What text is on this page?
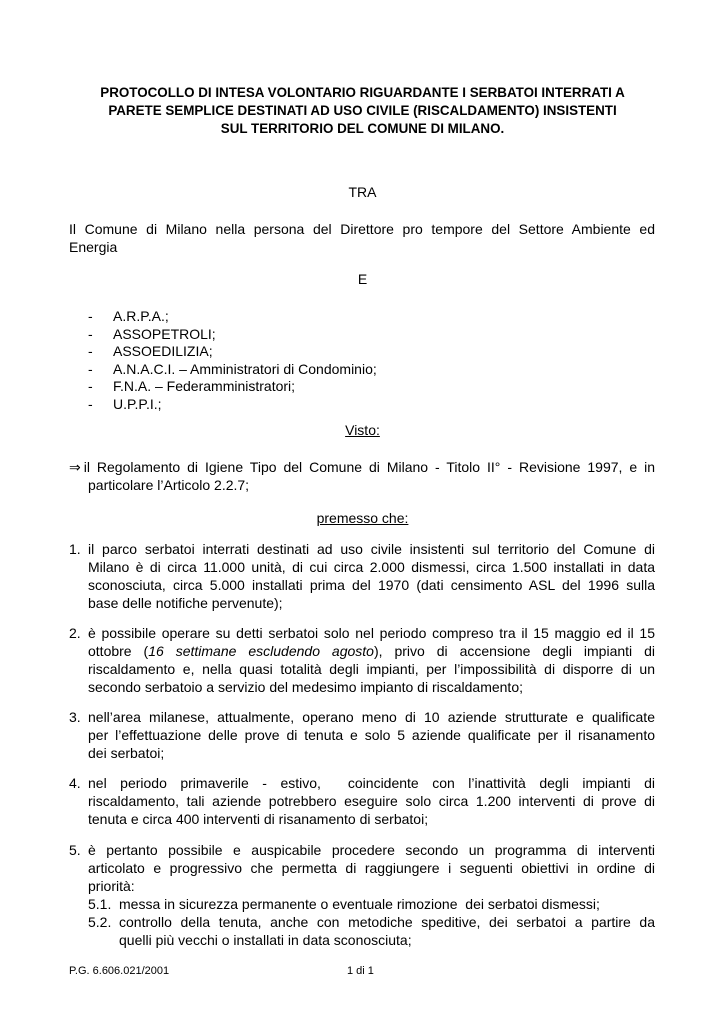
PROTOCOLLO DI INTESA VOLONTARIO RIGUARDANTE I SERBATOI INTERRATI A
PARETE SEMPLICE DESTINATI AD USO CIVILE (RISCALDAMENTO) INSISTENTI
SUL TERRITORIO DEL COMUNE DI MILANO.
TRA
Il Comune di Milano nella persona del Direttore pro tempore del Settore Ambiente ed
Energia
E
-	A.R.P.A.;
-	ASSOPETROLI;
-	ASSOEDILIZIA;
-	A.N.A.C.I. – Amministratori di Condominio;
-	F.N.A. – Federamministratori;
-	U.P.P.I.;
Visto:
⇒ il Regolamento di Igiene Tipo del Comune di Milano - Titolo II° - Revisione 1997, e in
particolare l’Articolo 2.2.7;
premesso che:
1. il parco serbatoi interrati destinati ad uso civile insistenti sul territorio del Comune di
Milano è di circa 11.000 unità, di cui circa 2.000 dismessi, circa 1.500 installati in data
sconosciuta, circa 5.000 installati prima del 1970 (dati censimento ASL del 1996 sulla
base delle notifiche pervenute);
2. è possibile operare su detti serbatoi solo nel periodo compreso tra il 15 maggio ed il 15
ottobre (16 settimane escludendo agosto), privo di accensione degli impianti di
riscaldamento e, nella quasi totalità degli impianti, per l’impossibilità di disporre di un
secondo serbatoio a servizio del medesimo impianto di riscaldamento;
3. nell’area milanese, attualmente, operano meno di 10 aziende strutturate e qualificate
per l’effettuazione delle prove di tenuta e solo 5 aziende qualificate per il risanamento
dei serbatoi;
4. nel periodo primaverile - estivo,  coincidente con l’inattività degli impianti di
riscaldamento, tali aziende potrebbero eseguire solo circa 1.200 interventi di prove di
tenuta e circa 400 interventi di risanamento di serbatoi;
5. è pertanto possibile e auspicabile procedere secondo un programma di interventi
articolato e progressivo che permetta di raggiungere i seguenti obiettivi in ordine di
priorità:
5.1. messa in sicurezza permanente o eventuale rimozione  dei serbatoi dismessi;
5.2. controllo della tenuta, anche con metodiche speditive, dei serbatoi a partire da
quelli più vecchi o installati in data sconosciuta;
P.G. 6.606.021/2001	1 di 1
